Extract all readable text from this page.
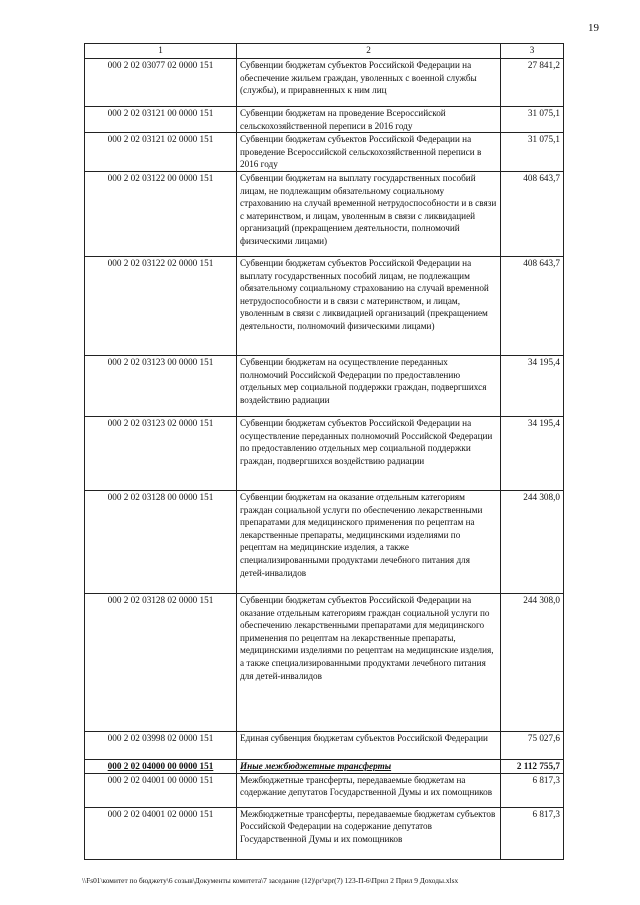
19
1	2	3
000 2 02 03077 02 0000 151	Субвенции бюджетам субъектов Российской Федерации на обеспечение жильем граждан, уволенных с военной службы (службы), и приравненных к ним лиц	27 841,2
000 2 02 03121 00 0000 151	Субвенции бюджетам на проведение Всероссийской сельскохозяйственной переписи в 2016 году	31 075,1
000 2 02 03121 02 0000 151	Субвенции бюджетам субъектов Российской Федерации на проведение Всероссийской сельскохозяйственной переписи в 2016 году	31 075,1
000 2 02 03122 00 0000 151	Субвенции бюджетам на выплату государственных пособий лицам, не подлежащим обязательному социальному страхованию на случай временной нетрудоспособности и в связи с материнством, и лицам, уволенным в связи с ликвидацией организаций (прекращением деятельности, полномочий физическими лицами)	408 643,7
000 2 02 03122 02 0000 151	Субвенции бюджетам субъектов Российской Федерации на выплату государственных пособий лицам, не подлежащим обязательному социальному страхованию на случай временной нетрудоспособности и в связи с материнством, и лицам, уволенным в связи с ликвидацией организаций (прекращением деятельности, полномочий физическими лицами)	408 643,7
000 2 02 03123 00 0000 151	Субвенции бюджетам на осуществление переданных полномочий Российской Федерации по предоставлению отдельных мер социальной поддержки граждан, подвергшихся воздействию радиации	34 195,4
000 2 02 03123 02 0000 151	Субвенции бюджетам субъектов Российской Федерации на осуществление переданных полномочий Российской Федерации по предоставлению отдельных мер социальной поддержки граждан, подвергшихся воздействию радиации	34 195,4
000 2 02 03128 00 0000 151	Субвенции бюджетам на оказание отдельным категориям граждан социальной услуги по обеспечению лекарственными препаратами для медицинского применения по рецептам на лекарственные препараты, медицинскими изделиями по рецептам на медицинские изделия, а также специализированными продуктами лечебного питания для детей-инвалидов	244 308,0
000 2 02 03128 02 0000 151	Субвенции бюджетам субъектов Российской Федерации на оказание отдельным категориям граждан социальной услуги по обеспечению лекарственными препаратами для медицинского применения по рецептам на лекарственные препараты, медицинскими изделиями по рецептам на медицинские изделия, а также специализированными продуктами лечебного питания для детей-инвалидов	244 308,0
000 2 02 03998 02 0000 151	Единая субвенция бюджетам субъектов Российской Федерации	75 027,6
000 2 02 04000 00 0000 151	Иные межбюджетные трансферты	2 112 755,7
000 2 02 04001 00 0000 151	Межбюджетные трансферты, передаваемые бюджетам на содержание депутатов Государственной Думы и их помощников	6 817,3
000 2 02 04001 02 0000 151	Межбюджетные трансферты, передаваемые бюджетам субъектов Российской Федерации на содержание депутатов Государственной Думы и их помощников	6 817,3
\\Fs01\комитет по бюджету\6 созыв\Документы комитета\7 заседание (12)\рг\zpr(7) 123-П-6\Прил 2 Прил 9 Доходы.xlsx
